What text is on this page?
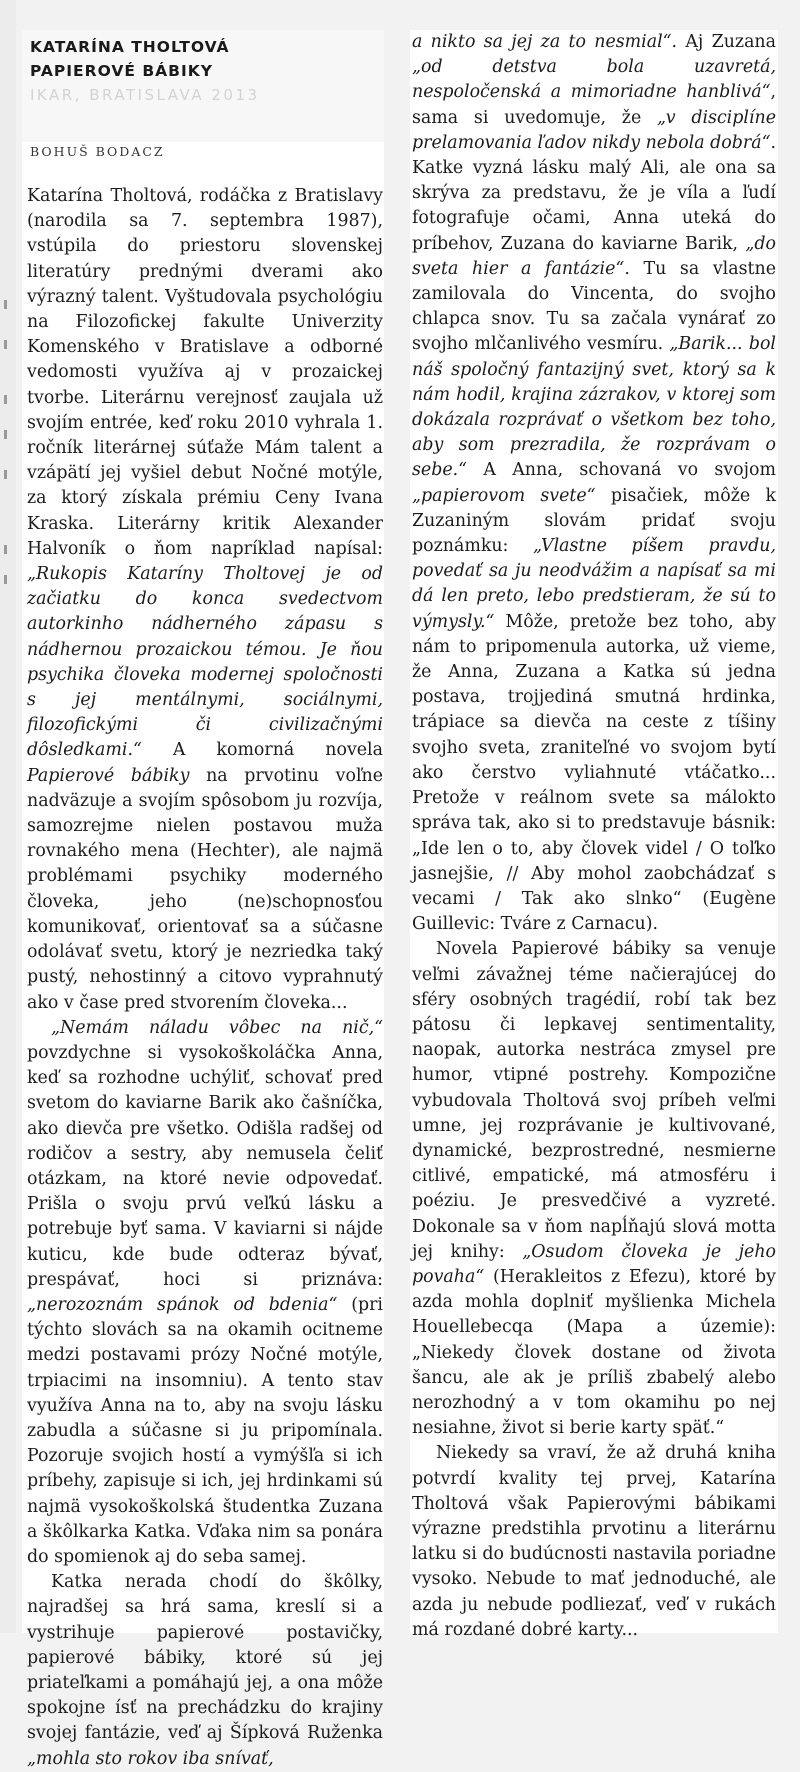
KATARÍNA THOLTOVÁ
PAPIEROVÉ BÁBIKY
IKAR, BRATISLAVA 2013
BOHUŠ BODACZ

Katarína Tholtová, rodáčka z Bratislavy (narodila sa 7. septembra 1987), vstúpila do priestoru slovenskej literatúry prednými dverami ako výrazný talent. Vyštudovala psychológiu na Filozofickej fakulte Univerzity Komenského v Bratislave a odborné vedomosti využíva aj v prozaickej tvorbe. Literárnu verejnosť zaujala už svojím entrée, keď roku 2010 vyhrala 1. ročník literárnej súťaže Mám talent a vzápätí jej vyšiel debut Nočné motýle, za ktorý získala prémiu Ceny Ivana Kraska. Literárny kritik Alexander Halvoník o ňom napríklad napísal: „Rukopis Kataríny Tholtovej je od začiatku do konca svedectvom autorkinho nádherného zápasu s nádhernou prozaickou témou. Je ňou psychika človeka modernej spoločnosti s jej mentálnymi, sociálnymi, filozofickými či civilizačnými dôsledkami.“ A komorná novela Papierové bábiky na prvotinu voľne nadväzuje a svojím spôsobom ju rozvíja, samozrejme nielen postavou muža rovnakého mena (Hechter), ale najmä problémami psychiky moderného človeka, jeho (ne)schopnosťou komunikovať, orientovať sa a súčasne odolávať svetu, ktorý je nezriedka taký pustý, nehostinný a citovo vyprahnutý ako v čase pred stvorením človeka...

„Nemám náladu vôbec na nič,“ povzdychne si vysokoškoláčka Anna, keď sa rozhodne uchýliť, schovať pred svetom do kaviarne Barik ako čašníčka, ako dievča pre všetko. Odišla radšej od rodičov a sestry, aby nemusela čeliť otázkam, na ktoré nevie odpovedať. Prišla o svoju prvú veľkú lásku a potrebuje byť sama. V kaviarni si nájde kuticu, kde bude odteraz bývať, prespávať, hoci si priznáva: „nerozoznám spánok od bdenia“ (pri týchto slovách sa na okamih ocitneme medzi postavami prózy Nočné motýle, trpiacimi na insomniu). A tento stav využíva Anna na to, aby na svoju lásku zabudla a súčasne si ju pripomínala. Pozoruje svojich hostí a vymýšľa si ich príbehy, zapisuje si ich, jej hrdinkami sú najmä vysokoškolská študentka Zuzana a škôlkarka Katka. Vďaka nim sa ponára do spomienok aj do seba samej.

Katka nerada chodí do škôlky, najradšej sa hrá sama, kreslí si a vystrihuje papierové postavičky, papierové bábiky, ktoré sú jej priateľkami a pomáhajú jej, a ona môže spokojne ísť na prechádzku do krajiny svojej fantázie, veď aj Šípková Ruženka „mohla sto rokov iba snívať,

a nikto sa jej za to nesmial“. Aj Zuzana „od detstva bola uzavretá, nespoločenská a mimoriadne hanblivá“, sama si uvedomuje, že „v disciplíne prelamovania ľadov nikdy nebola dobrá“. Katke vyzná lásku malý Ali, ale ona sa skrýva za predstavu, že je víla a ľudí fotografuje očami, Anna uteká do príbehov, Zuzana do kaviarne Barik, „do sveta hier a fantázie“. Tu sa vlastne zamilovala do Vincenta, do svojho chlapca snov. Tu sa začala vynárať zo svojho mlčanlivého vesmíru. „Barik... bol náš spoločný fantazijný svet, ktorý sa k nám hodil, krajina zázrakov, v ktorej som dokázala rozprávať o všetkom bez toho, aby som prezradila, že rozprávam o sebe.“ A Anna, schovaná vo svojom „papierovom svete“ pisačiek, môže k Zuzaniným slovám pridať svoju poznámku: „Vlastne píšem pravdu, povedať sa ju neodvážim a napísať sa mi dá len preto, lebo predstieram, že sú to výmysly.“ Môže, pretože bez toho, aby nám to pripomenula autorka, už vieme, že Anna, Zuzana a Katka sú jedna postava, trojjediná smutná hrdinka, trápiace sa dievča na ceste z tíšiny svojho sveta, zraniteľné vo svojom bytí ako čerstvo vyliahnuté vtáčatko... Pretože v reálnom svete sa málokto správa tak, ako si to predstavuje básnik: „Ide len o to, aby človek videl / O toľko jasnejšie, // Aby mohol zaobchádzať s vecami / Tak ako slnko“ (Eugène Guillevic: Tváre z Carnacu).

Novela Papierové bábiky sa venuje veľmi závažnej téme načierajúcej do sféry osobných tragédií, robí tak bez pátosu či lepkavej sentimentality, naopak, autorka nestráca zmysel pre humor, vtipné postrehy. Kompozične vybudovala Tholtová svoj príbeh veľmi umne, jej rozprávanie je kultivované, dynamické, bezprostredné, nesmierne citlivé, empatické, má atmosféru i poéziu. Je presvedčivé a vyzreté. Dokonale sa v ňom napĺňajú slová motta jej knihy: „Osudom človeka je jeho povaha“ (Herakleitos z Efezu), ktoré by azda mohla doplniť myšlienka Michela Houellebecqa (Mapa a územie): „Niekedy človek dostane od života šancu, ale ak je príliš zbabelý alebo nerozhodný a v tom okamihu po nej nesiahne, život si berie karty späť.“

Niekedy sa vraví, že až druhá kniha potvrdí kvality tej prvej, Katarína Tholtová však Papierovými bábikami výrazne predstihla prvotinu a literárnu latku si do budúcnosti nastavila poriadne vysoko. Nebude to mať jednoduché, ale azda ju nebude podliezať, veď v rukách má rozdané dobré karty...
